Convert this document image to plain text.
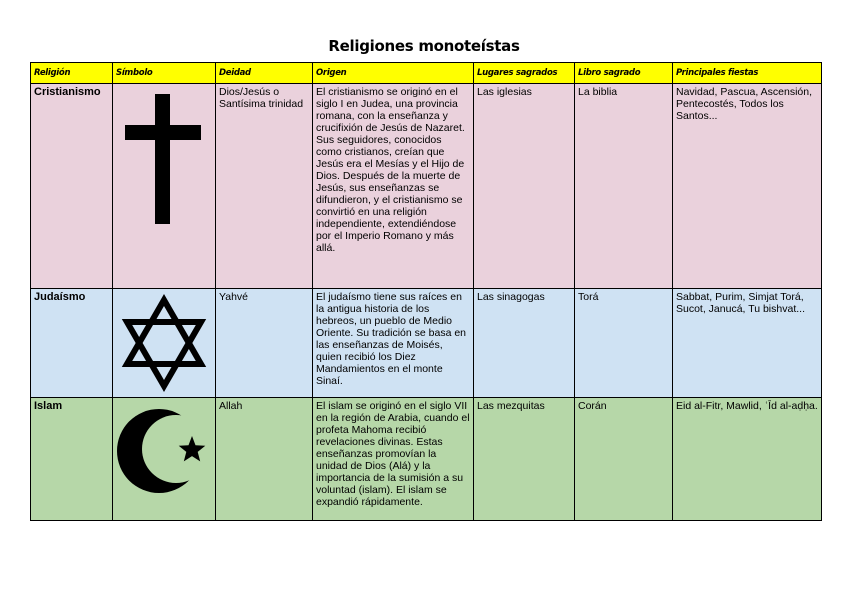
Religiones monoteístas
Religión	Símbolo	Deidad	Origen	Lugares sagrados	Libro sagrado	Principales fiestas
Cristianismo		Dios/Jesús o Santísima trinidad	El cristianismo se originó en el siglo I en Judea, una provincia romana, con la enseñanza y crucifixión de Jesús de Nazaret. Sus seguidores, conocidos como cristianos, creían que Jesús era el Mesías y el Hijo de Dios. Después de la muerte de Jesús, sus enseñanzas se difundieron, y el cristianismo se convirtió en una religión independiente, extendiéndose por el Imperio Romano y más allá.	Las iglesias	La biblia	Navidad, Pascua, Ascensión, Pentecostés, Todos los Santos...
Judaísmo		Yahvé	El judaísmo tiene sus raíces en la antigua historia de los hebreos, un pueblo de Medio Oriente. Su tradición se basa en las enseñanzas de Moisés, quien recibió los Diez Mandamientos en el monte Sinaí.	Las sinagogas	Torá	Sabbat, Purim, Simjat Torá, Sucot, Janucá, Tu bishvat...
Islam		Allah	El islam se originó en el siglo VII en la región de Arabia, cuando el profeta Mahoma recibió revelaciones divinas. Estas enseñanzas promovían la unidad de Dios (Alá) y la importancia de la sumisión a su voluntad (islam). El islam se expandió rápidamente.	Las mezquitas	Corán	Eid al-Fitr, Mawlid, ʿĪd al-aḍḥa.
